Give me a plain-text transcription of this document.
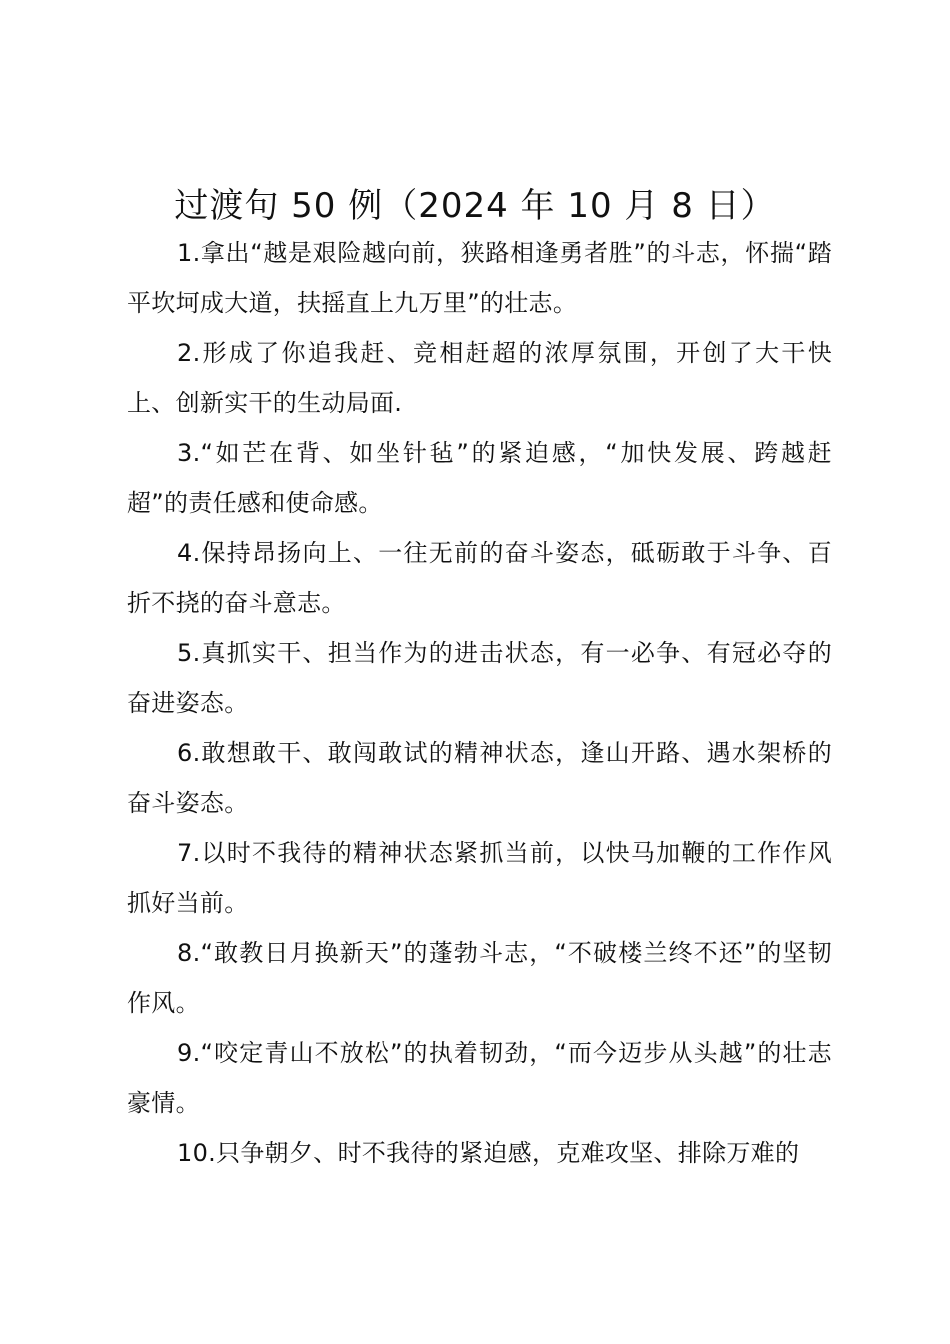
过渡句 50 例（2024 年 10 月 8 日）

1.拿出“越是艰险越向前，狭路相逢勇者胜”的斗志，怀揣“踏平坎坷成大道，扶摇直上九万里”的壮志。

2.形成了你追我赶、竞相赶超的浓厚氛围，开创了大干快上、创新实干的生动局面.

3.“如芒在背、如坐针毡”的紧迫感，“加快发展、跨越赶超”的责任感和使命感。

4.保持昂扬向上、一往无前的奋斗姿态，砥砺敢于斗争、百折不挠的奋斗意志。

5.真抓实干、担当作为的进击状态，有一必争、有冠必夺的奋进姿态。

6.敢想敢干、敢闯敢试的精神状态，逢山开路、遇水架桥的奋斗姿态。

7.以时不我待的精神状态紧抓当前，以快马加鞭的工作作风抓好当前。

8.“敢教日月换新天”的蓬勃斗志，“不破楼兰终不还”的坚韧作风。

9.“咬定青山不放松”的执着韧劲，“而今迈步从头越”的壮志豪情。

10.只争朝夕、时不我待的紧迫感，克难攻坚、排除万难的
